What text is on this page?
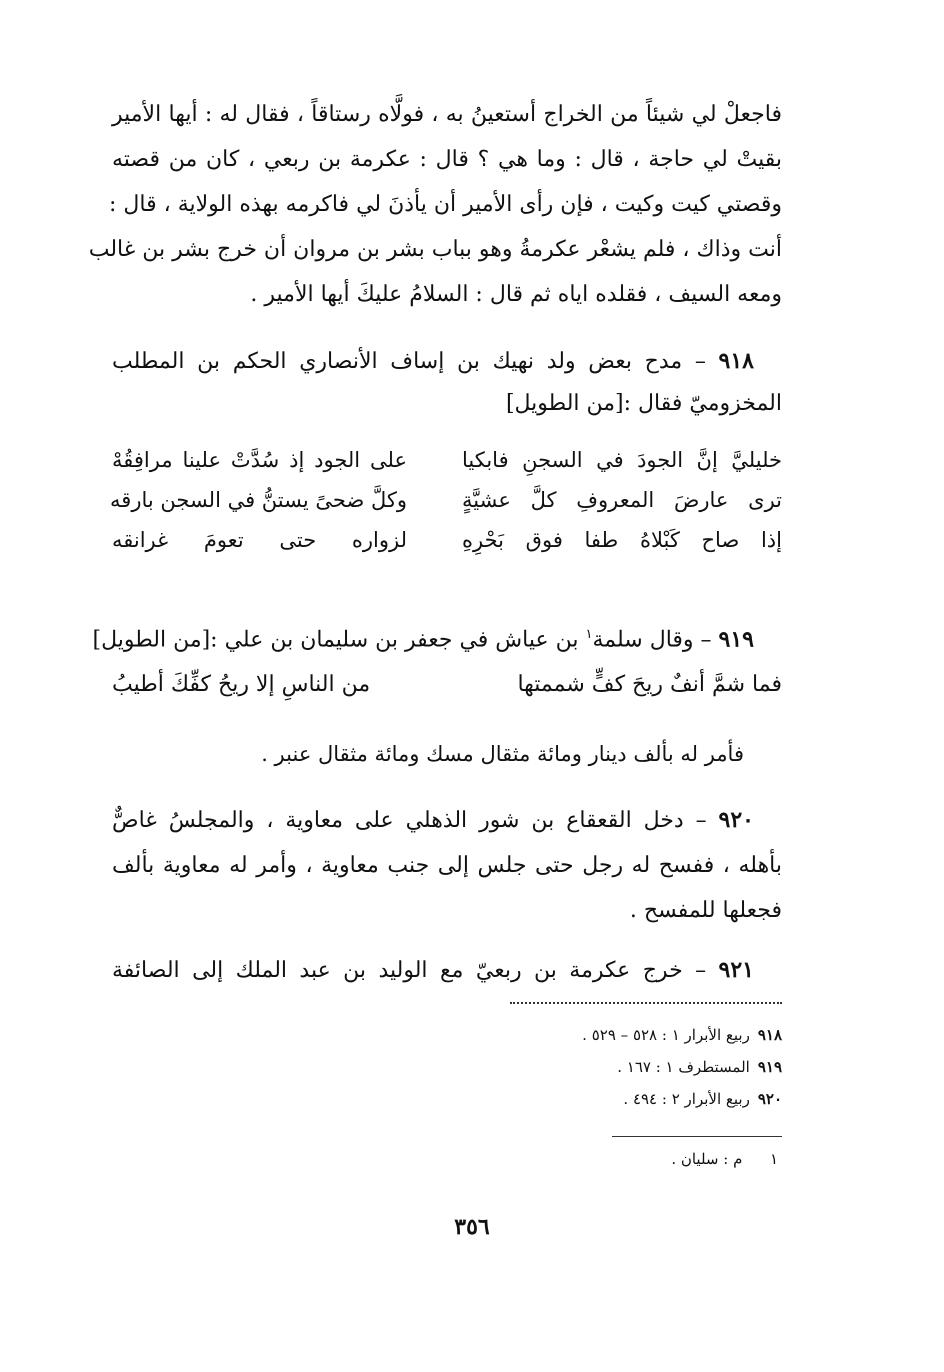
فاجعلْ لي شيئاً من الخراج أستعينُ به ، فولَّاه رستاقاً ، فقال له : أيها الأمير
بقيتْ لي حاجة ، قال : وما هي ؟ قال : عكرمة بن ربعي ، كان من قصته
وقصتي كيت وكيت ، فإن رأى الأمير أن يأذنَ لي فاكرمه بهذه الولاية ، قال :
أنت وذاك ، فلم يشعْر عكرمةُ وهو بباب بشر بن مروان أن خرج بشر بن غالب
ومعه السيف ، فقلده اياه ثم قال : السلامُ عليكَ أيها الأمير .
٩١٨ – مدح بعض ولد نهيك بن إساف الأنصاري الحكم بن المطلب
المخزوميّ فقال :[من الطويل]
خليليَّ إنَّ الجودَ في السجنِ فابكيا
على الجود إذ سُدَّتْ علينا مرافِقُهْ
ترى عارضَ المعروفِ كلَّ عشيَّةٍ
وكلَّ ضحىً يستنُّ في السجن بارقه
إذا صاح كَبْلاهُ طفا فوق بَحْرِهِ
لزواره حتى تعومَ غرانقه
٩١٩ – وقال سلمة$^١$ بن عياش في جعفر بن سليمان بن علي :[من الطويل]
فما شمَّ أنفٌ ريحَ كفٍّ شممتها
من الناسِ إلا ريحُ كفِّكَ أطيبُ
فأمر له بألف دينار ومائة مثقال مسك ومائة مثقال عنبر .
٩٢٠ – دخل القعقاع بن شور الذهلي على معاوية ، والمجلسُ غاصٌّ
بأهله ، ففسح له رجل حتى جلس إلى جنب معاوية ، وأمر له معاوية بألف
فجعلها للمفسح .
٩٢١ – خرج عكرمة بن ربعيّ مع الوليد بن عبد الملك إلى الصائفة
٩١٨ربيع الأبرار ١ : ٥٢٨ – ٥٢٩ .
٩١٩المستطرف ١ : ١٦٧ .
٩٢٠ربيع الأبرار ٢ : ٤٩٤ .
١  م : سليان .
٣٥٦
